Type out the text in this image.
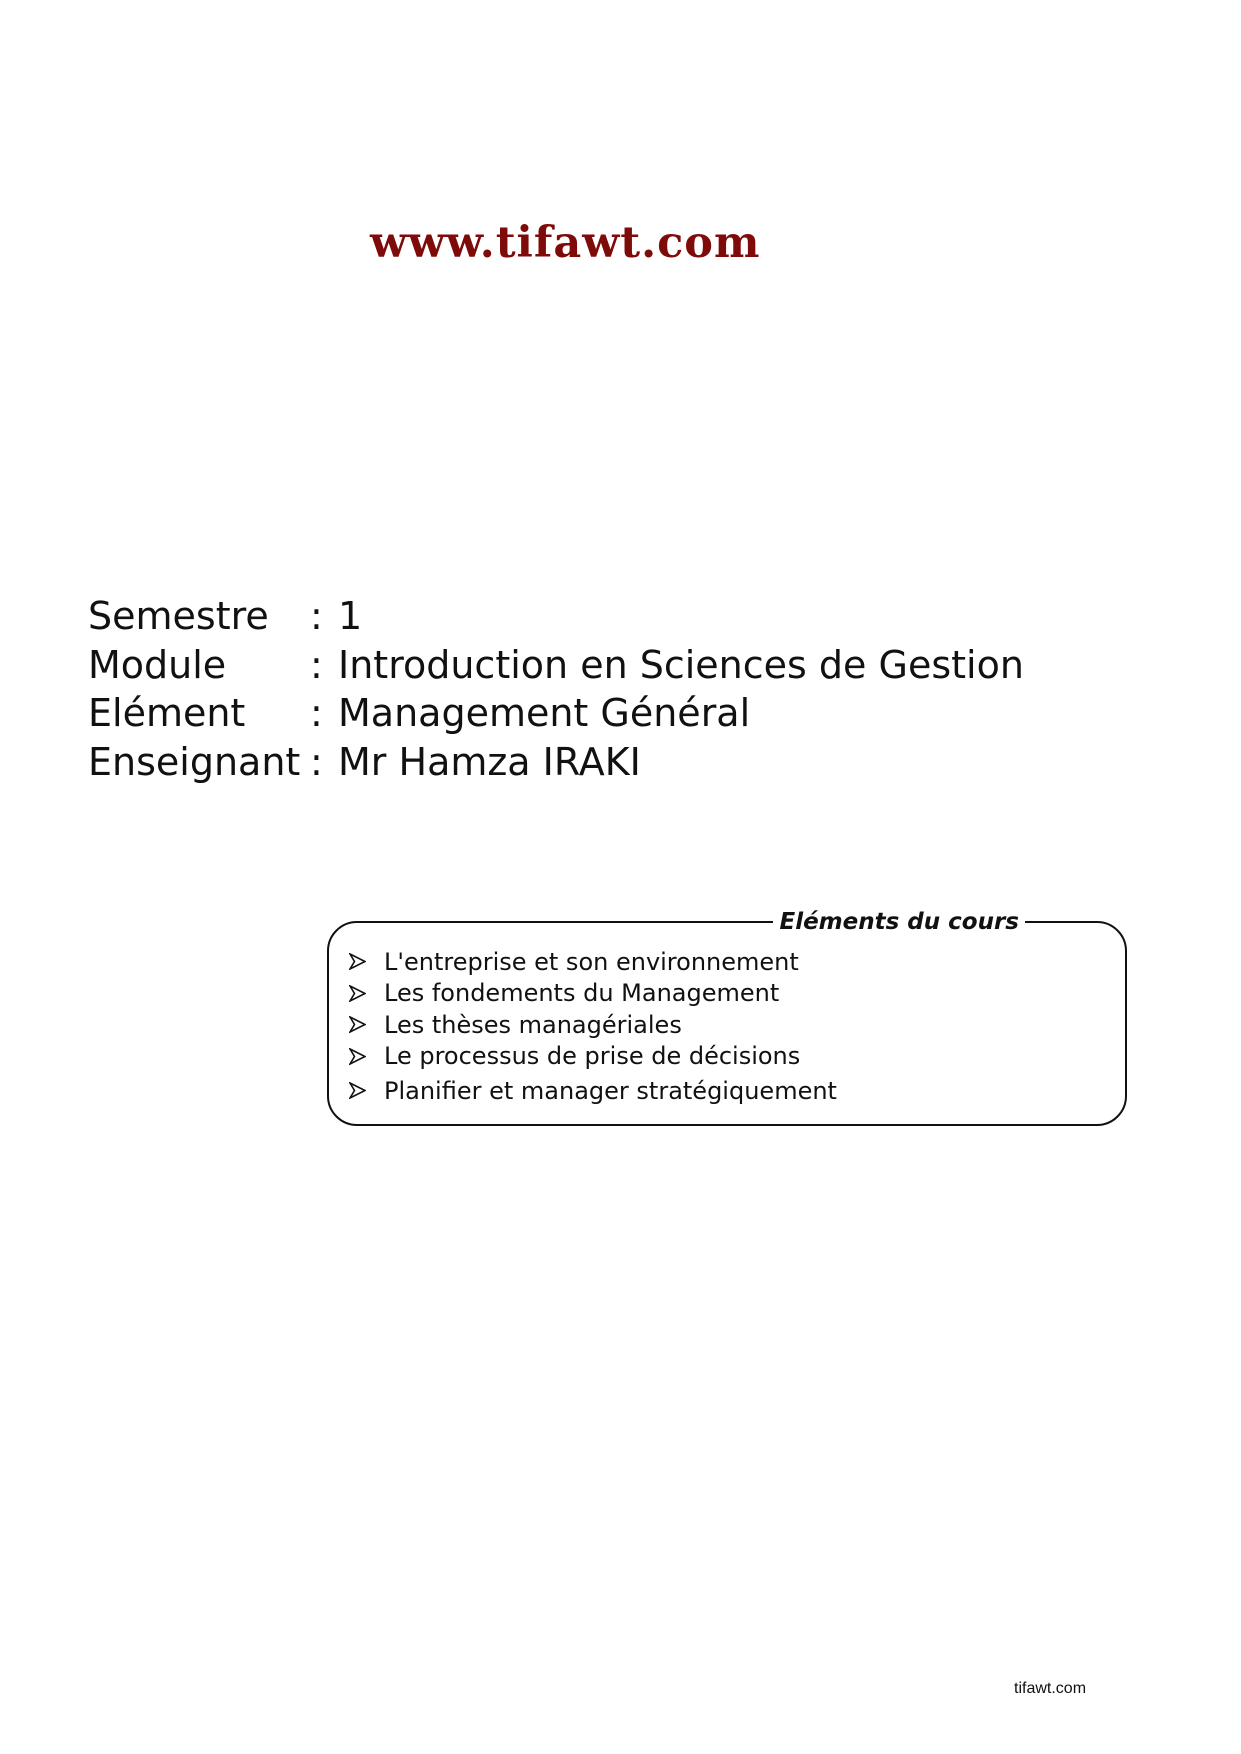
www.tifawt.com
Semestre	: 1
Module	: Introduction en Sciences de Gestion
Elément	: Management Général
Enseignant : Mr Hamza IRAKI
Eléments du cours
L'entreprise et son environnement
Les fondements du Management
Les thèses managériales
Le processus de prise de décisions
Planifier et manager stratégiquement
tifawt.com
